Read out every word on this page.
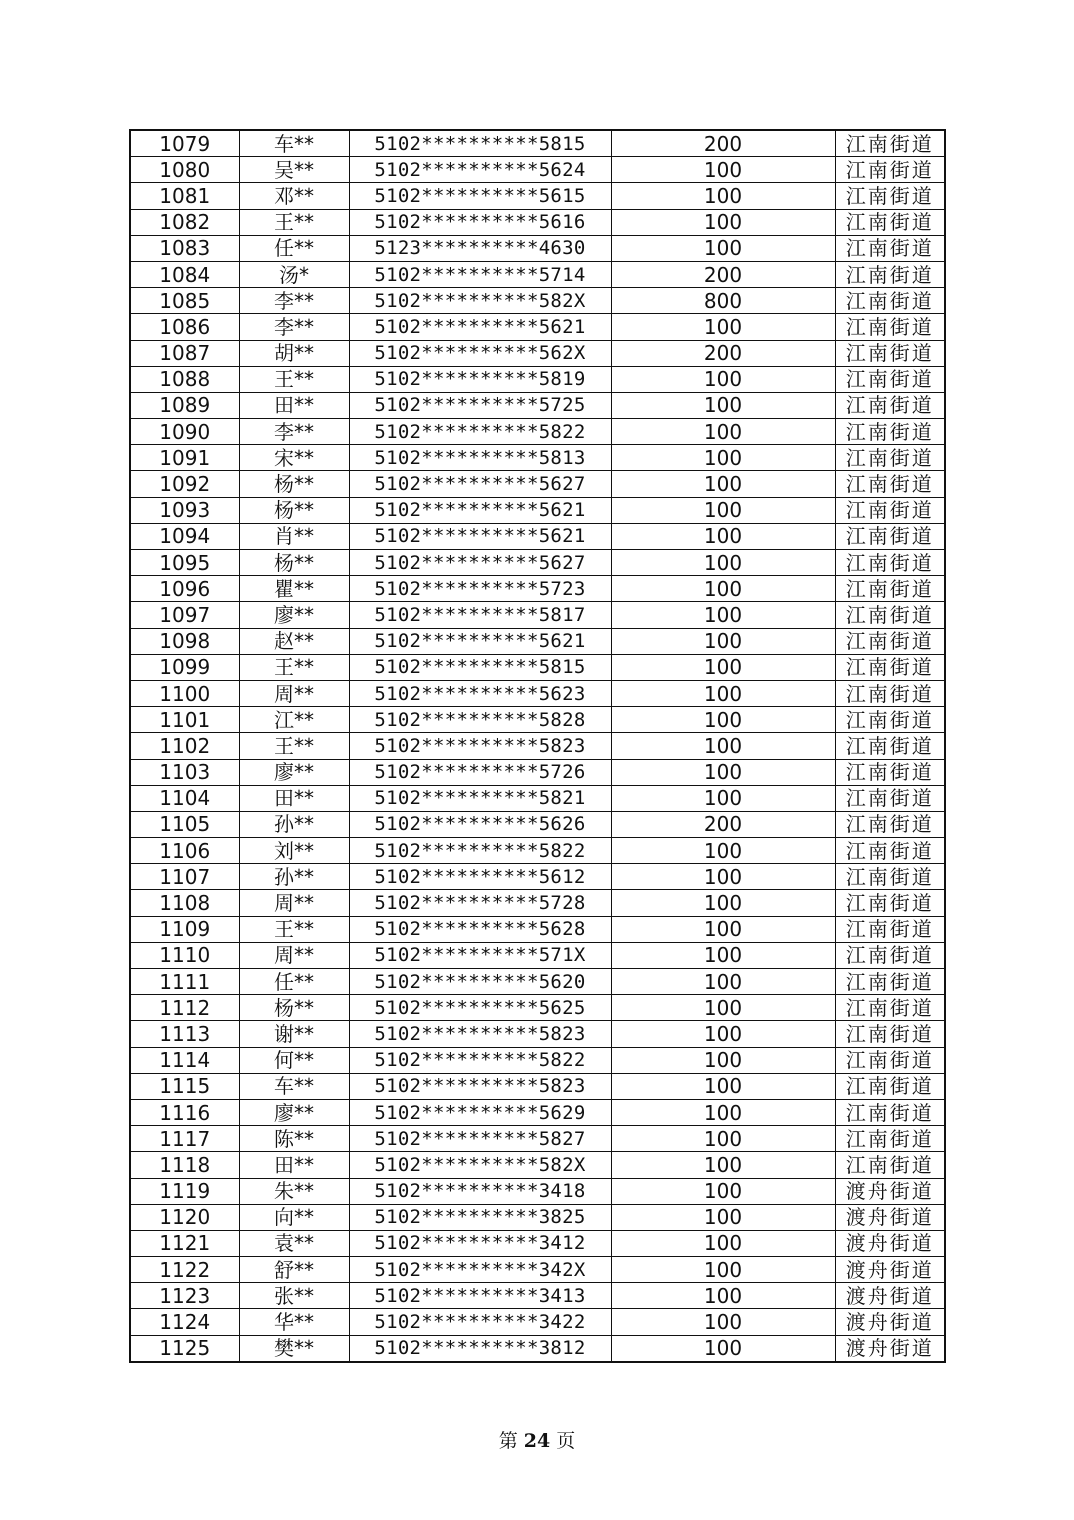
1079	车**	5102**********5815	200	江南街道
1080	吴**	5102**********5624	100	江南街道
1081	邓**	5102**********5615	100	江南街道
1082	王**	5102**********5616	100	江南街道
1083	任**	5123**********4630	100	江南街道
1084	汤*	5102**********5714	200	江南街道
1085	李**	5102**********582X	800	江南街道
1086	李**	5102**********5621	100	江南街道
1087	胡**	5102**********562X	200	江南街道
1088	王**	5102**********5819	100	江南街道
1089	田**	5102**********5725	100	江南街道
1090	李**	5102**********5822	100	江南街道
1091	宋**	5102**********5813	100	江南街道
1092	杨**	5102**********5627	100	江南街道
1093	杨**	5102**********5621	100	江南街道
1094	肖**	5102**********5621	100	江南街道
1095	杨**	5102**********5627	100	江南街道
1096	瞿**	5102**********5723	100	江南街道
1097	廖**	5102**********5817	100	江南街道
1098	赵**	5102**********5621	100	江南街道
1099	王**	5102**********5815	100	江南街道
1100	周**	5102**********5623	100	江南街道
1101	江**	5102**********5828	100	江南街道
1102	王**	5102**********5823	100	江南街道
1103	廖**	5102**********5726	100	江南街道
1104	田**	5102**********5821	100	江南街道
1105	孙**	5102**********5626	200	江南街道
1106	刘**	5102**********5822	100	江南街道
1107	孙**	5102**********5612	100	江南街道
1108	周**	5102**********5728	100	江南街道
1109	王**	5102**********5628	100	江南街道
1110	周**	5102**********571X	100	江南街道
1111	任**	5102**********5620	100	江南街道
1112	杨**	5102**********5625	100	江南街道
1113	谢**	5102**********5823	100	江南街道
1114	何**	5102**********5822	100	江南街道
1115	车**	5102**********5823	100	江南街道
1116	廖**	5102**********5629	100	江南街道
1117	陈**	5102**********5827	100	江南街道
1118	田**	5102**********582X	100	江南街道
1119	朱**	5102**********3418	100	渡舟街道
1120	向**	5102**********3825	100	渡舟街道
1121	袁**	5102**********3412	100	渡舟街道
1122	舒**	5102**********342X	100	渡舟街道
1123	张**	5102**********3413	100	渡舟街道
1124	华**	5102**********3422	100	渡舟街道
1125	樊**	5102**********3812	100	渡舟街道
第 24 页
